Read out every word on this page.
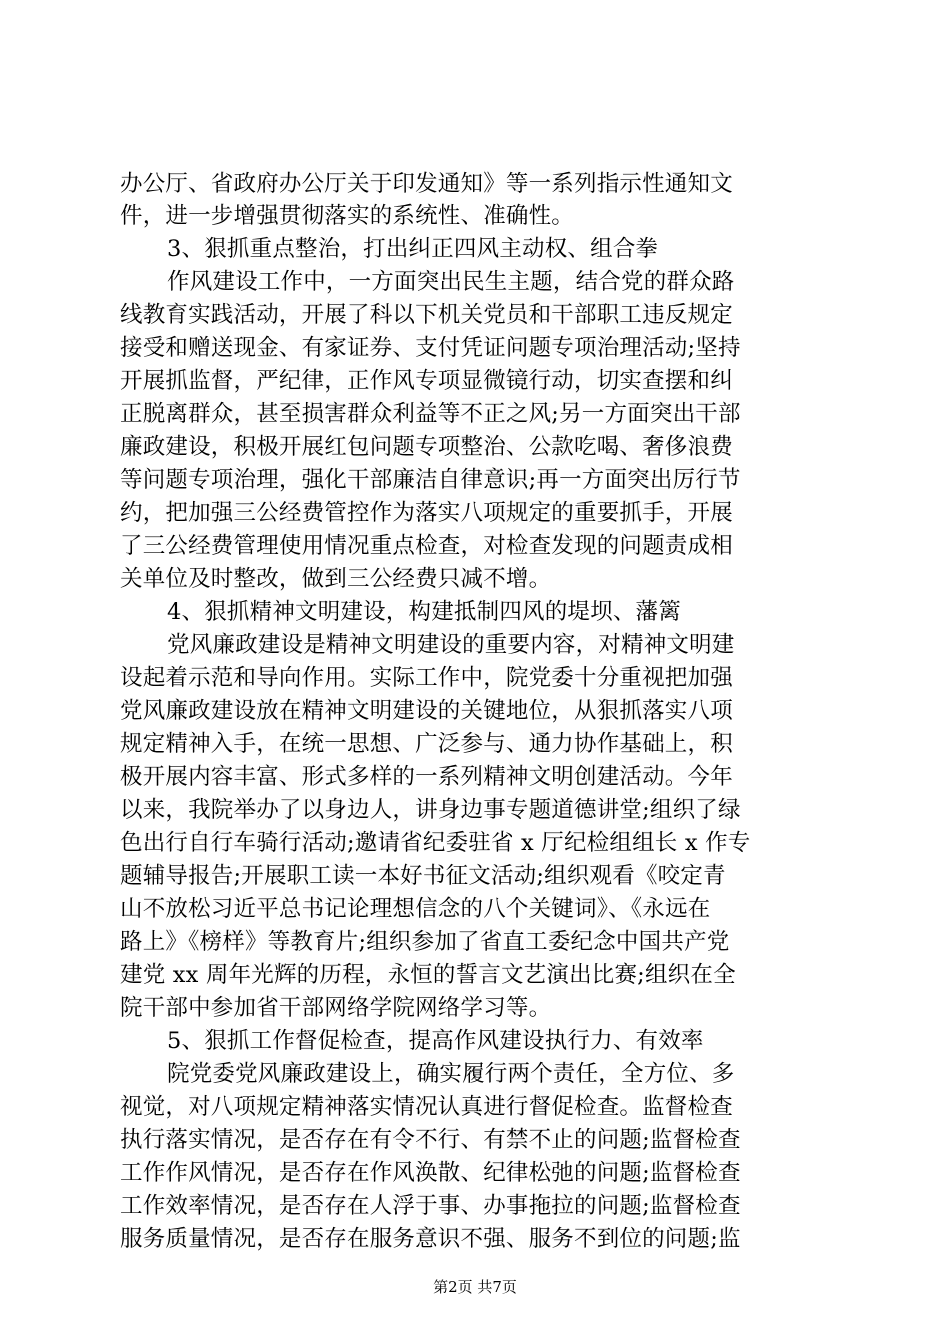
办公厅、省政府办公厅关于印发通知》等一系列指示性通知文
件，进一步增强贯彻落实的系统性、准确性。
3、狠抓重点整治，打出纠正四风主动权、组合拳
作风建设工作中，一方面突出民生主题，结合党的群众路
线教育实践活动，开展了科以下机关党员和干部职工违反规定
接受和赠送现金、有家证券、支付凭证问题专项治理活动;坚持
开展抓监督，严纪律，正作风专项显微镜行动，切实查摆和纠
正脱离群众，甚至损害群众利益等不正之风;另一方面突出干部
廉政建设，积极开展红包问题专项整治、公款吃喝、奢侈浪费
等问题专项治理，强化干部廉洁自律意识;再一方面突出厉行节
约，把加强三公经费管控作为落实八项规定的重要抓手，开展
了三公经费管理使用情况重点检查，对检查发现的问题责成相
关单位及时整改，做到三公经费只减不增。
4、狠抓精神文明建设，构建抵制四风的堤坝、藩篱
党风廉政建设是精神文明建设的重要内容，对精神文明建
设起着示范和导向作用。实际工作中，院党委十分重视把加强
党风廉政建设放在精神文明建设的关键地位，从狠抓落实八项
规定精神入手，在统一思想、广泛参与、通力协作基础上，积
极开展内容丰富、形式多样的一系列精神文明创建活动。今年
以来，我院举办了以身边人，讲身边事专题道德讲堂;组织了绿
色出行自行车骑行活动;邀请省纪委驻省 x 厅纪检组组长 x 作专
题辅导报告;开展职工读一本好书征文活动;组织观看《咬定青
山不放松习近平总书记论理想信念的八个关键词》、《永远在
路上》《榜样》等教育片;组织参加了省直工委纪念中国共产党
建党 xx 周年光辉的历程，永恒的誓言文艺演出比赛;组织在全
院干部中参加省干部网络学院网络学习等。
5、狠抓工作督促检查，提高作风建设执行力、有效率
院党委党风廉政建设上，确实履行两个责任，全方位、多
视觉，对八项规定精神落实情况认真进行督促检查。监督检查
执行落实情况，是否存在有令不行、有禁不止的问题;监督检查
工作作风情况，是否存在作风涣散、纪律松弛的问题;监督检查
工作效率情况，是否存在人浮于事、办事拖拉的问题;监督检查
服务质量情况，是否存在服务意识不强、服务不到位的问题;监
第2页 共7页
